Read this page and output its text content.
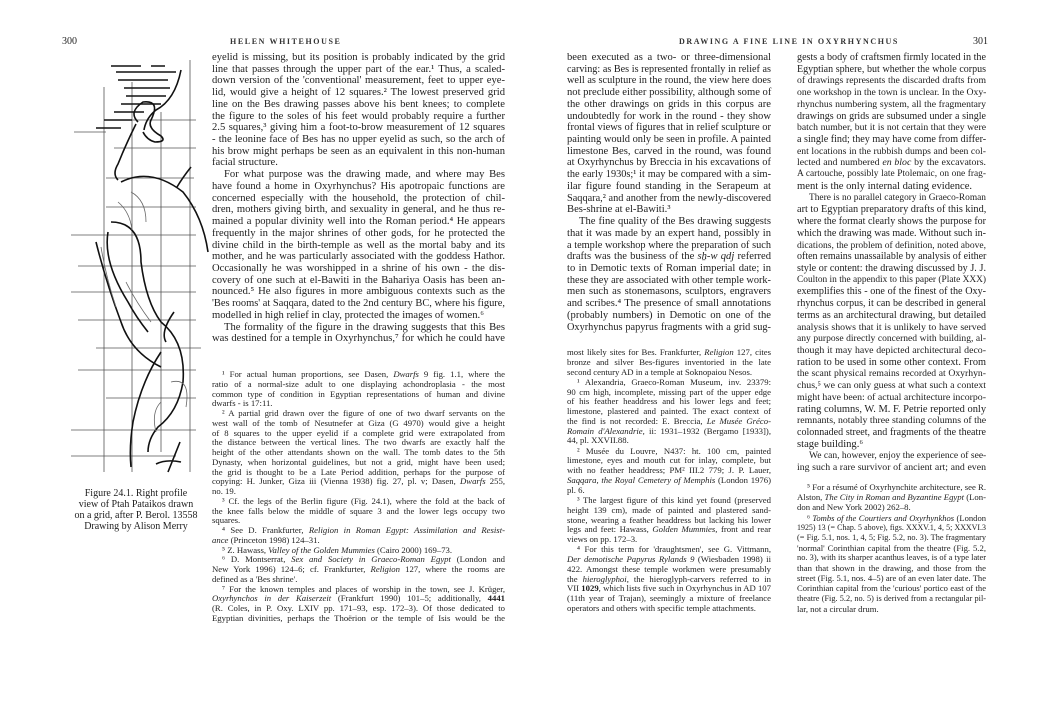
300	HELEN WHITEHOUSE
Figure 24.1. Right profile
view of Ptah Pataikos drawn
on a grid, after P. Berol. 13558
Drawing by Alison Merry
eyelid is missing, but its position is probably indicated by the grid
line that passes through the upper part of the ear.¹ Thus, a scaled-
down version of the 'conventional' measurement, feet to upper eye-
lid, would give a height of 12 squares.² The lowest preserved grid
line on the Bes drawing passes above his bent knees; to complete
the figure to the soles of his feet would probably require a further
2.5 squares,³ giving him a foot-to-brow measurement of 12 squares
- the leonine face of Bes has no upper eyelid as such, so the arch of
his brow might perhaps be seen as an equivalent in this non-human
facial structure.
For what purpose was the drawing made, and where may Bes
have found a home in Oxyrhynchus? His apotropaic functions are
concerned especially with the household, the protection of chil-
dren, mothers giving birth, and sexuality in general, and he thus re-
mained a popular divinity well into the Roman period.⁴ He appears
frequently in the major shrines of other gods, for he protected the
divine child in the birth-temple as well as the mortal baby and its
mother, and he was particularly associated with the goddess Hathor.
Occasionally he was worshipped in a shrine of his own - the dis-
covery of one such at el-Bawiti in the Bahariya Oasis has been an-
nounced.⁵ He also figures in more ambiguous contexts such as the
'Bes rooms' at Saqqara, dated to the 2nd century BC, where his figure,
modelled in high relief in clay, protected the images of women.⁶
The formality of the figure in the drawing suggests that this Bes
was destined for a temple in Oxyrhynchus,⁷ for which he could have
¹ For actual human proportions, see Dasen, Dwarfs 9 fig. 1.1, where the
ratio of a normal-size adult to one displaying achondroplasia - the most
common type of condition in Egyptian representations of human and divine
dwarfs - is 17:11.
² A partial grid drawn over the figure of one of two dwarf servants on the
west wall of the tomb of Nesutnefer at Giza (G 4970) would give a height
of 8 squares to the upper eyelid if a complete grid were extrapolated from
the distance between the vertical lines. The two dwarfs are exactly half the
height of the other attendants shown on the wall. The tomb dates to the 5th
Dynasty, when horizontal guidelines, but not a grid, might have been used;
the grid is thought to be a Late Period addition, perhaps for the purpose of
copying: H. Junker, Giza iii (Vienna 1938) fig. 27, pl. v; Dasen, Dwarfs 255,
no. 19.
³ Cf. the legs of the Berlin figure (Fig. 24.1), where the fold at the back of
the knee falls below the middle of square 3 and the lower legs occupy two
squares.
⁴ See D. Frankfurter, Religion in Roman Egypt: Assimilation and Resist-
ance (Princeton 1998) 124–31.
⁵ Z. Hawass, Valley of the Golden Mummies (Cairo 2000) 169–73.
⁶ D. Montserrat, Sex and Society in Graeco-Roman Egypt (London and
New York 1996) 124–6; cf. Frankfurter, Religion 127, where the rooms are
defined as a 'Bes shrine'.
⁷ For the known temples and places of worship in the town, see J. Krüger,
Oxyrhynchos in der Kaiserzeit (Frankfurt 1990) 101–5; additionally, 4441
(R. Coles, in P. Oxy. LXIV pp. 171–93, esp. 172–3). Of those dedicated to
Egyptian divinities, perhaps the Thoërion or the temple of Isis would be the
DRAWING A FINE LINE IN OXYRHYNCHUS	301
been executed as a two- or three-dimensional
carving: as Bes is represented frontally in relief as
well as sculpture in the round, the view here does
not preclude either possibility, although some of
the other drawings on grids in this corpus are
undoubtedly for work in the round - they show
frontal views of figures that in relief sculpture or
painting would only be seen in profile. A painted
limestone Bes, carved in the round, was found
at Oxyrhynchus by Breccia in his excavations of
the early 1930s;¹ it may be compared with a sim-
ilar figure found standing in the Serapeum at
Saqqara,² and another from the newly-discovered
Bes-shrine at el-Bawiti.³
The fine quality of the Bes drawing suggests
that it was made by an expert hand, possibly in
a temple workshop where the preparation of such
drafts was the business of the sẖ-w qdj referred
to in Demotic texts of Roman imperial date; in
these they are associated with other temple work-
men such as stonemasons, sculptors, engravers
and scribes.⁴ The presence of small annotations
(probably numbers) in Demotic on one of the
Oxyrhynchus papyrus fragments with a grid sug-
most likely sites for Bes. Frankfurter, Religion 127, cites
bronze and silver Bes-figures inventoried in the late
second century AD in a temple at Soknopaiou Nesos.
¹ Alexandria, Graeco-Roman Museum, inv. 23379:
90 cm high, incomplete, missing part of the upper edge
of his feather headdress and his lower legs and feet;
limestone, plastered and painted. The exact context of
the find is not recorded: E. Breccia, Le Musée Gréco-
Romain d'Alexandrie, ii: 1931–1932 (Bergamo [1933]),
44, pl. XXVII.88.
² Musée du Louvre, N437: ht. 100 cm, painted
limestone, eyes and mouth cut for inlay, complete, but
with no feather headdress; PM² III.2 779; J. P. Lauer,
Saqqara, the Royal Cemetery of Memphis (London 1976)
pl. 6.
³ The largest figure of this kind yet found (preserved
height 139 cm), made of painted and plastered sand-
stone, wearing a feather headdress but lacking his lower
legs and feet: Hawass, Golden Mummies, front and rear
views on pp. 172–3.
⁴ For this term for 'draughtsmen', see G. Vittmann,
Der demotische Papyrus Rylands 9 (Wiesbaden 1998) ii
422. Amongst these temple workmen were presumably
the hieroglyphoi, the hieroglyph-carvers referred to in
VII 1029, which lists five such in Oxyrhynchus in AD 107
(11th year of Trajan), seemingly a mixture of freelance
operators and others with specific temple attachments.
gests a body of craftsmen firmly located in the
Egyptian sphere, but whether the whole corpus
of drawings represents the discarded drafts from
one workshop in the town is unclear. In the Oxy-
rhynchus numbering system, all the fragmentary
drawings on grids are subsumed under a single
batch number, but it is not certain that they were
a single find; they may have come from differ-
ent locations in the rubbish dumps and been col-
lected and numbered en bloc by the excavators.
A cartouche, possibly late Ptolemaic, on one frag-
ment is the only internal dating evidence.
There is no parallel category in Graeco-Roman
art to Egyptian preparatory drafts of this kind,
where the format clearly shows the purpose for
which the drawing was made. Without such in-
dications, the problem of definition, noted above,
often remains unassailable by analysis of either
style or content: the drawing discussed by J. J.
Coulton in the appendix to this paper (Plate XXX)
exemplifies this - one of the finest of the Oxy-
rhynchus corpus, it can be described in general
terms as an architectural drawing, but detailed
analysis shows that it is unlikely to have served
any purpose directly concerned with building, al-
though it may have depicted architectural deco-
ration to be used in some other context. From
the scant physical remains recorded at Oxyrhyn-
chus,⁵ we can only guess at what such a context
might have been: of actual architecture incorpo-
rating columns, W. M. F. Petrie reported only
remnants, notably three standing columns of the
colonnaded street, and fragments of the theatre
stage building.⁶
We can, however, enjoy the experience of see-
ing such a rare survivor of ancient art; and even
⁵ For a résumé of Oxyrhynchite architecture, see R.
Alston, The City in Roman and Byzantine Egypt (Lon-
don and New York 2002) 262–8.
⁶ Tombs of the Courtiers and Oxyrhynkhos (London
1925) 13 (= Chap. 5 above), figs. XXXV.1, 4, 5; XXXVI.3
(= Fig. 5.1, nos. 1, 4, 5; Fig. 5.2, no. 3). The fragmentary
'normal' Corinthian capital from the theatre (Fig. 5.2,
no. 3), with its sharper acanthus leaves, is of a type later
than that shown in the drawing, and those from the
street (Fig. 5.1, nos. 4–5) are of an even later date. The
Corinthian capital from the 'curious' portico east of the
theatre (Fig. 5.2, no. 5) is derived from a rectangular pil-
lar, not a circular drum.
